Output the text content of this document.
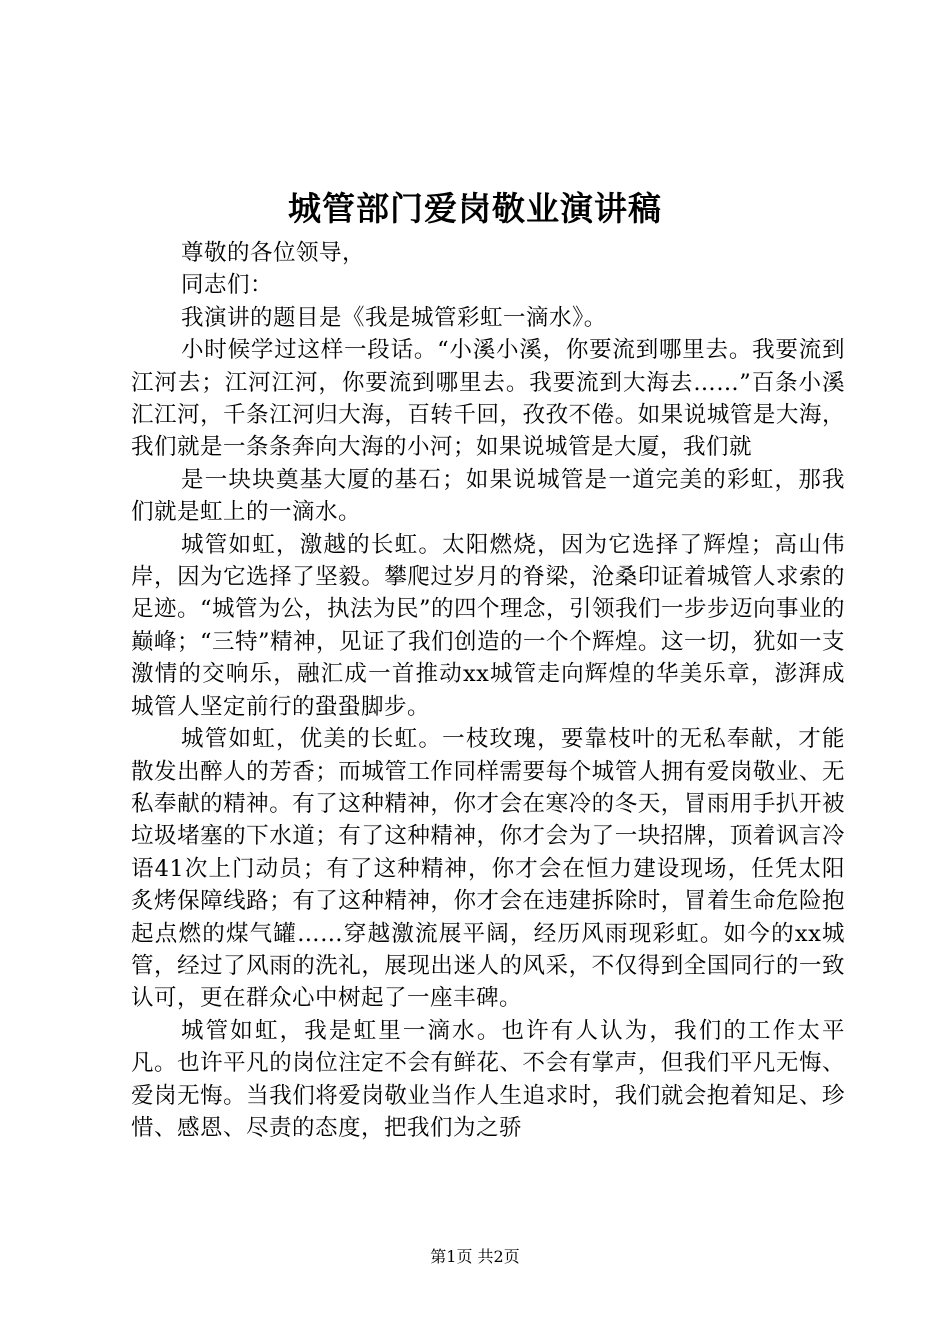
城管部门爱岗敬业演讲稿

尊敬的各位领导，

同志们：

我演讲的题目是《我是城管彩虹一滴水》。

小时候学过这样一段话。“小溪小溪，你要流到哪里去。我要流到江河去；江河江河，你要流到哪里去。我要流到大海去……”百条小溪汇江河，千条江河归大海，百转千回，孜孜不倦。如果说城管是大海，我们就是一条条奔向大海的小河；如果说城管是大厦，我们就

是一块块奠基大厦的基石；如果说城管是一道完美的彩虹，那我们就是虹上的一滴水。

城管如虹，激越的长虹。太阳燃烧，因为它选择了辉煌；高山伟岸，因为它选择了坚毅。攀爬过岁月的脊梁，沧桑印证着城管人求索的足迹。“城管为公，执法为民”的四个理念，引领我们一步步迈向事业的巅峰；“三特”精神，见证了我们创造的一个个辉煌。这一切，犹如一支激情的交响乐，融汇成一首推动xx城管走向辉煌的华美乐章，澎湃成城管人坚定前行的蛩蛩脚步。

城管如虹，优美的长虹。一枝玫瑰，要靠枝叶的无私奉献，才能散发出醉人的芳香；而城管工作同样需要每个城管人拥有爱岗敬业、无私奉献的精神。有了这种精神，你才会在寒冷的冬天，冒雨用手扒开被垃圾堵塞的下水道；有了这种精神，你才会为了一块招牌，顶着讽言冷语41次上门动员；有了这种精神，你才会在恒力建设现场，任凭太阳炙烤保障线路；有了这种精神，你才会在违建拆除时，冒着生命危险抱起点燃的煤气罐……穿越激流展平阔，经历风雨现彩虹。如今的xx城管，经过了风雨的洗礼，展现出迷人的风采，不仅得到全国同行的一致认可，更在群众心中树起了一座丰碑。

城管如虹，我是虹里一滴水。也许有人认为，我们的工作太平凡。也许平凡的岗位注定不会有鲜花、不会有掌声，但我们平凡无悔、爱岗无悔。当我们将爱岗敬业当作人生追求时，我们就会抱着知足、珍惜、感恩、尽责的态度，把我们为之骄

第1页 共2页
